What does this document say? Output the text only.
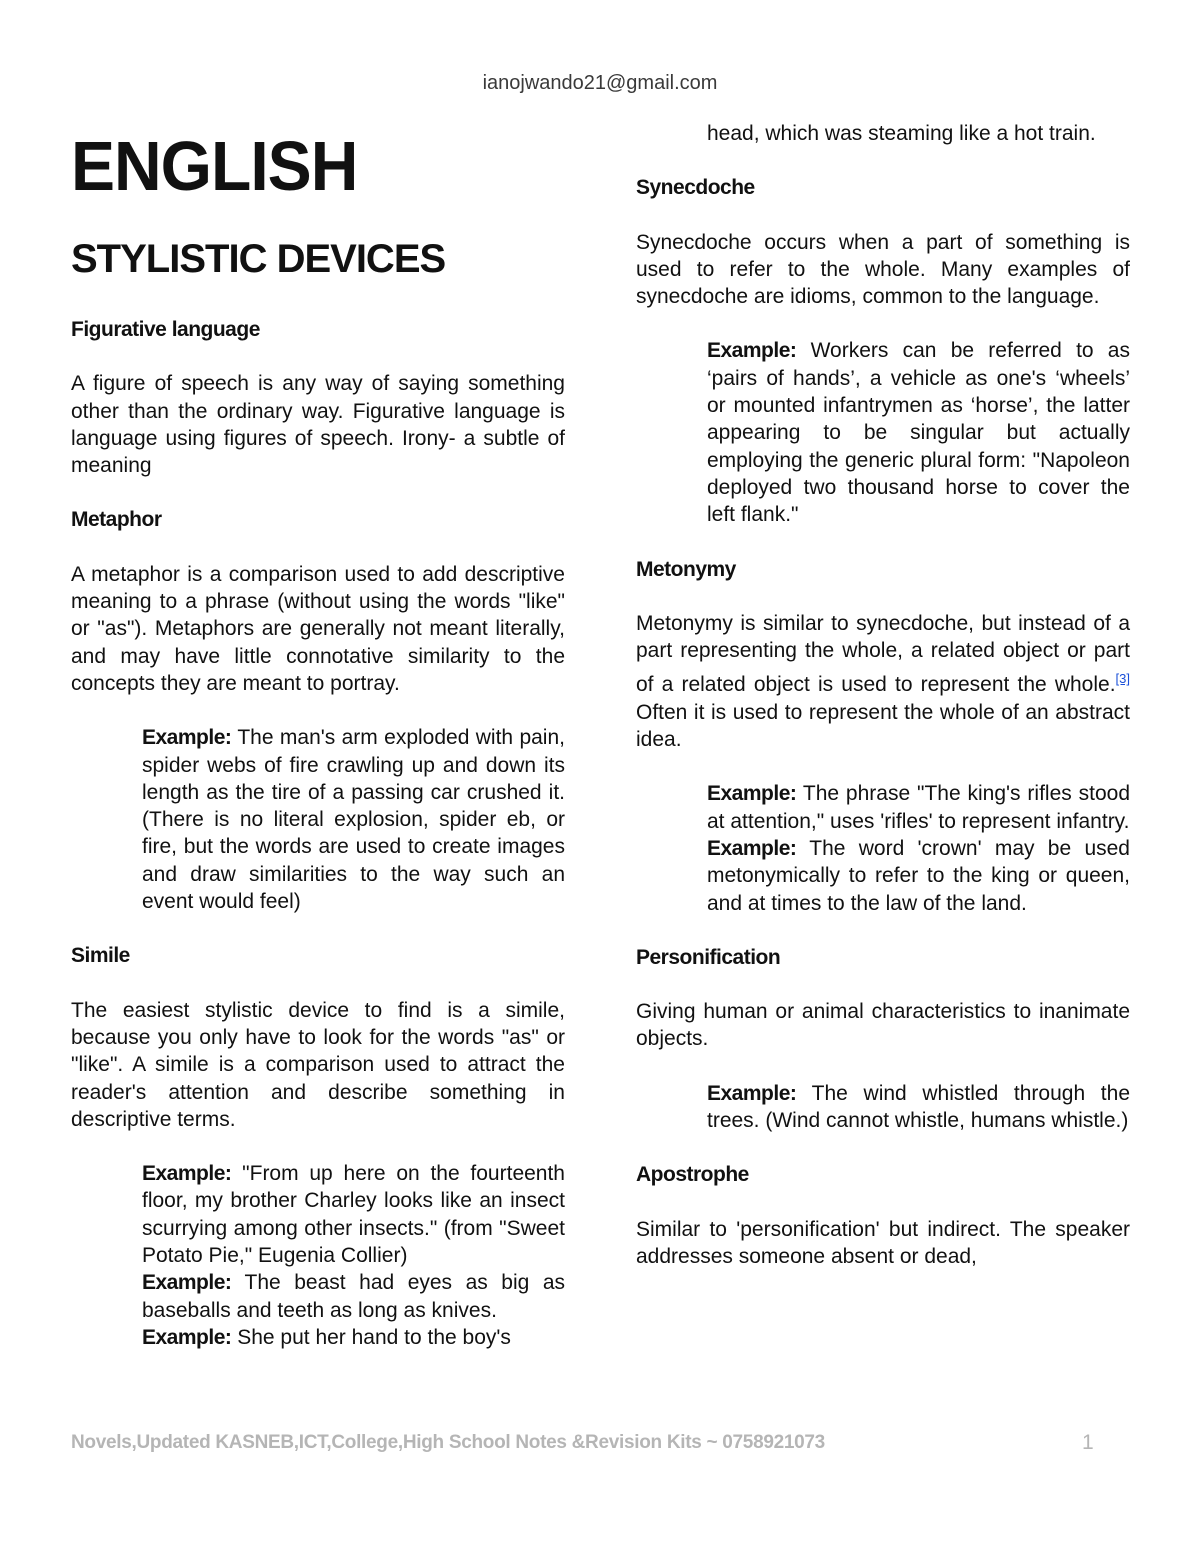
ianojwando21@gmail.com
ENGLISH
STYLISTIC DEVICES
Figurative language

A figure of speech is any way of saying something other than the ordinary way. Figurative language is language using figures of speech. Irony- a subtle of meaning

Metaphor

A metaphor is a comparison used to add descriptive meaning to a phrase (without using the words "like" or "as"). Metaphors are generally not meant literally, and may have little connotative similarity to the concepts they are meant to portray.

Example: The man's arm exploded with pain, spider webs of fire crawling up and down its length as the tire of a passing car crushed it. (There is no literal explosion, spider eb, or fire, but the words are used to create images and draw similarities to the way such an event would feel)

Simile

The easiest stylistic device to find is a simile, because you only have to look for the words "as" or "like". A simile is a comparison used to attract the reader's attention and describe something in descriptive terms.

Example: "From up here on the fourteenth floor, my brother Charley looks like an insect scurrying among other insects." (from "Sweet Potato Pie," Eugenia Collier)

Example: The beast had eyes as big as baseballs and teeth as long as knives.

Example: She put her hand to the boy's

head, which was steaming like a hot train.

Synecdoche

Synecdoche occurs when a part of something is used to refer to the whole. Many examples of synecdoche are idioms, common to the language.

Example: Workers can be referred to as ‘pairs of hands’, a vehicle as one's ‘wheels’ or mounted infantrymen as ‘horse’, the latter appearing to be singular but actually employing the generic plural form: "Napoleon deployed two thousand horse to cover the left flank."

Metonymy

Metonymy is similar to synecdoche, but instead of a part representing the whole, a related object or part of a related object is used to represent the whole.[3] Often it is used to represent the whole of an abstract idea.

Example: The phrase "The king's rifles stood at attention," uses 'rifles' to represent infantry.

Example: The word 'crown' may be used metonymically to refer to the king or queen, and at times to the law of the land.

Personification

Giving human or animal characteristics to inanimate objects.

Example: The wind whistled through the trees. (Wind cannot whistle, humans whistle.)

Apostrophe

Similar to 'personification' but indirect. The speaker addresses someone absent or dead,

Novels,Updated KASNEB,ICT,College,High School Notes &Revision Kits ~ 0758921073	1
